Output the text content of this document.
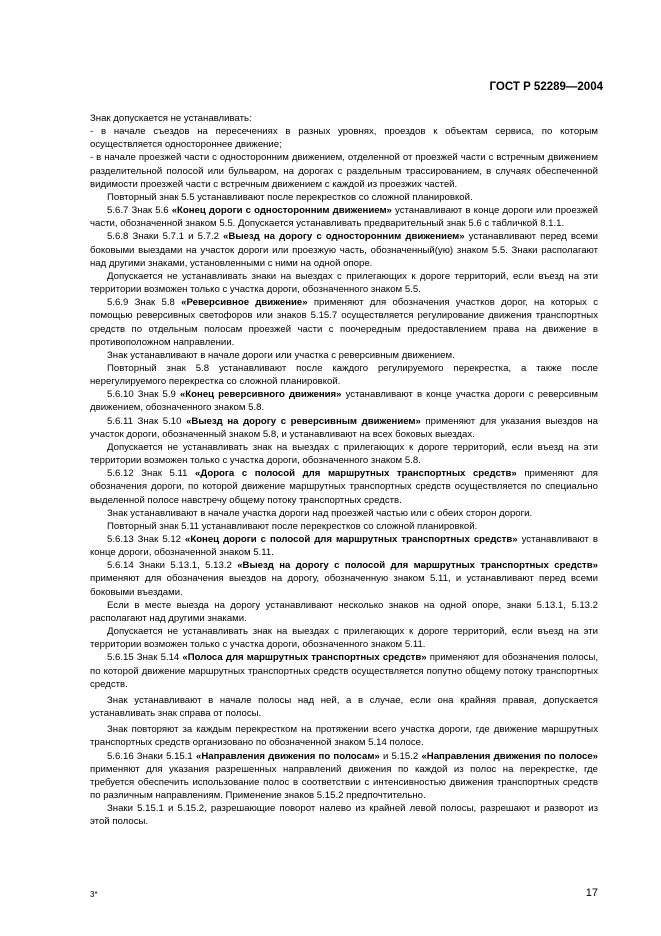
ГОСТ Р 52289—2004

Знак допускается не устанавливать:

- в начале съездов на пересечениях в разных уровнях, проездов к объектам сервиса, по которым осуществляется одностороннее движение;

- в начале проезжей части с односторонним движением, отделенной от проезжей части с встречным движением разделительной полосой или бульваром, на дорогах с раздельным трассированием, в случаях обеспеченной видимости проезжей части с встречным движением с каждой из проезжих частей.

Повторный знак 5.5 устанавливают после перекрестков со сложной планировкой.

5.6.7 Знак 5.6 «Конец дороги с односторонним движением» устанавливают в конце дороги или проезжей части, обозначенной знаком 5.5. Допускается устанавливать предварительный знак 5.6 с табличкой 8.1.1.

5.6.8 Знаки 5.7.1 и 5.7.2 «Выезд на дорогу с односторонним движением» устанавливают перед всеми боковыми выездами на участок дороги или проезжую часть, обозначенный(ую) знаком 5.5. Знаки располагают над другими знаками, установленными с ними на одной опоре.

Допускается не устанавливать знаки на выездах с прилегающих к дороге территорий, если въезд на эти территории возможен только с участка дороги, обозначенного знаком 5.5.

5.6.9 Знак 5.8 «Реверсивное движение» применяют для обозначения участков дорог, на которых с помощью реверсивных светофоров или знаков 5.15.7 осуществляется регулирование движения транспортных средств по отдельным полосам проезжей части с поочередным предоставлением права на движение в противоположном направлении.

Знак устанавливают в начале дороги или участка с реверсивным движением.

Повторный знак 5.8 устанавливают после каждого регулируемого перекрестка, а также после нерегулируемого перекрестка со сложной планировкой.

5.6.10 Знак 5.9 «Конец реверсивного движения» устанавливают в конце участка дороги с реверсивным движением, обозначенного знаком 5.8.

5.6.11 Знак 5.10 «Выезд на дорогу с реверсивным движением» применяют для указания выездов на участок дороги, обозначенный знаком 5.8, и устанавливают на всех боковых выездах.

Допускается не устанавливать знак на выездах с прилегающих к дороге территорий, если въезд на эти территории возможен только с участка дороги, обозначенного знаком 5.8.

5.6.12 Знак 5.11 «Дорога с полосой для маршрутных транспортных средств» применяют для обозначения дороги, по которой движение маршрутных транспортных средств осуществляется по специально выделенной полосе навстречу общему потоку транспортных средств.

Знак устанавливают в начале участка дороги над проезжей частью или с обеих сторон дороги.

Повторный знак 5.11 устанавливают после перекрестков со сложной планировкой.

5.6.13 Знак 5.12 «Конец дороги с полосой для маршрутных транспортных средств» устанавливают в конце дороги, обозначенной знаком 5.11.

5.6.14 Знаки 5.13.1, 5.13.2 «Выезд на дорогу с полосой для маршрутных транспортных средств» применяют для обозначения выездов на дорогу, обозначенную знаком 5.11, и устанавливают перед всеми боковыми въездами.

Если в месте выезда на дорогу устанавливают несколько знаков на одной опоре, знаки 5.13.1, 5.13.2 располагают над другими знаками.

Допускается не устанавливать знак на выездах с прилегающих к дороге территорий, если въезд на эти территории возможен только с участка дороги, обозначенного знаком 5.11.

5.6.15 Знак 5.14 «Полоса для маршрутных транспортных средств» применяют для обозначения полосы, по которой движение маршрутных транспортных средств осуществляется попутно общему потоку транспортных средств.

Знак устанавливают в начале полосы над ней, а в случае, если она крайняя правая, допускается устанавливать знак справа от полосы.

Знак повторяют за каждым перекрестком на протяжении всего участка дороги, где движение маршрутных транспортных средств организовано по обозначенной знаком 5.14 полосе.

5.6.16 Знаки 5.15.1 «Направления движения по полосам» и 5.15.2 «Направления движения по полосе» применяют для указания разрешенных направлений движения по каждой из полос на перекрестке, где требуется обеспечить использование полос в соответствии с интенсивностью движения транспортных средств по различным направлениям. Применение знаков 5.15.2 предпочтительно.

Знаки 5.15.1 и 5.15.2, разрешающие поворот налево из крайней левой полосы, разрешают и разворот из этой полосы.

3*	17
